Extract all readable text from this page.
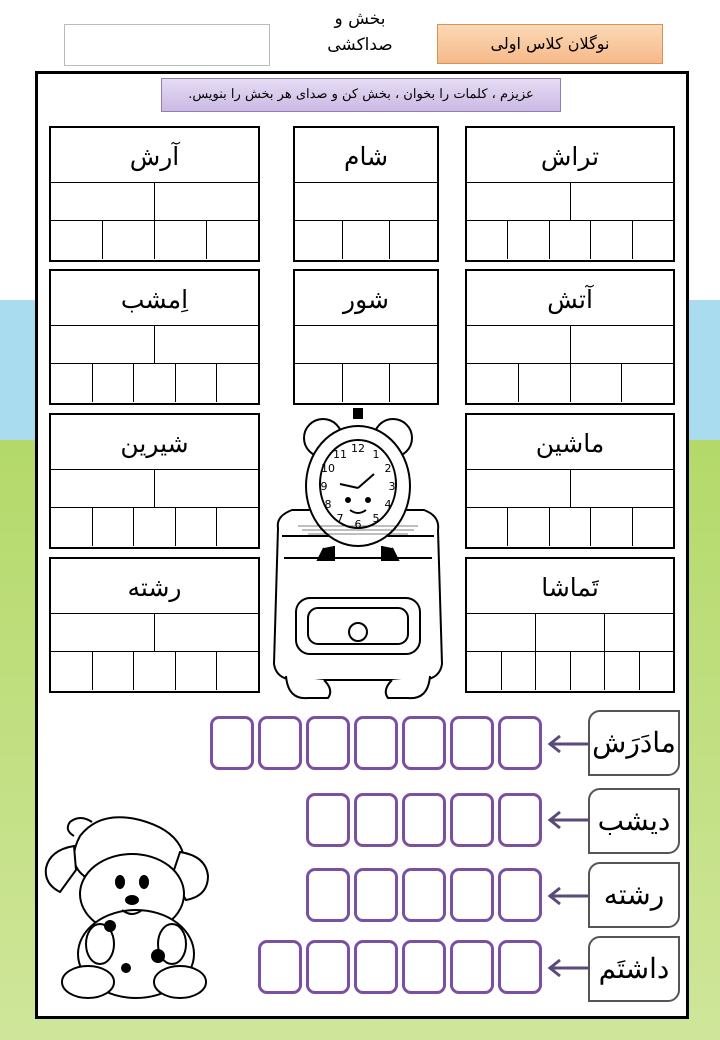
بخش و
صداکشی	نوگلان کلاس اولی
عزیزم ، کلمات را بخوان ، بخش کن و صدای هر بخش را بنویس.
تراش
شام
آرش
آتش
شور
اِمشب
ماشین
شیرین
تَماشا
رشته
12 1
2
3
4
5
6
7
8
9
10
11
مادَرَش
دیشب
رشته
داشتَم
